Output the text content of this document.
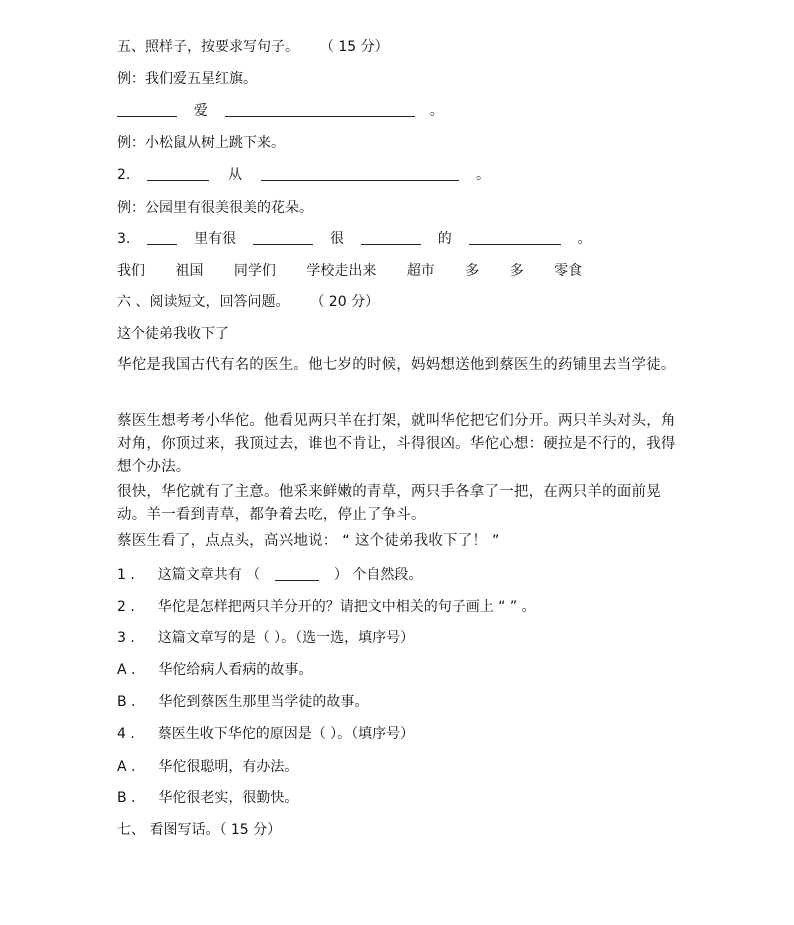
五、照样子，按要求写句子。 （ 15 分）
例：我们爱五星红旗。
爱	。
例：小松鼠从树上跳下来。
2.	从	。
例：公园里有很美很美的花朵。
3.	里有很	很	的	。
我们 祖国 同学们 学校走出来 超市 多 多 零食
六 、阅读短文，回答问题。 （ 20 分）
这个徒弟我收下了
华佗是我国古代有名的医生。他七岁的时候，妈妈想送他到蔡医生的药铺里去当学徒。
蔡医生想考考小华佗。他看见两只羊在打架，就叫华佗把它们分开。两只羊头对头，角对角，你顶过来，我顶过去，谁也不肯让，斗得很凶。华佗心想：硬拉是不行的，我得想个办法。
很快，华佗就有了主意。他采来鲜嫩的青草，两只手各拿了一把，在两只羊的面前晃动。羊一看到青草，都争着去吃，停止了争斗。
蔡医生看了，点点头，高兴地说： “ 这个徒弟我收下了！ ”
1 . 这篇文章共有 （	） 个自然段。
2 . 华佗是怎样把两只羊分开的？请把文中相关的句子画上 “ ” 。
3 . 这篇文章写的是（ ）。（选一选，填序号）
A . 华佗给病人看病的故事。
B . 华佗到蔡医生那里当学徒的故事。
4 . 蔡医生收下华佗的原因是（ ）。（填序号）
A . 华佗很聪明，有办法。
B . 华佗很老实，很勤快。
七、 看图写话。（ 15 分）
